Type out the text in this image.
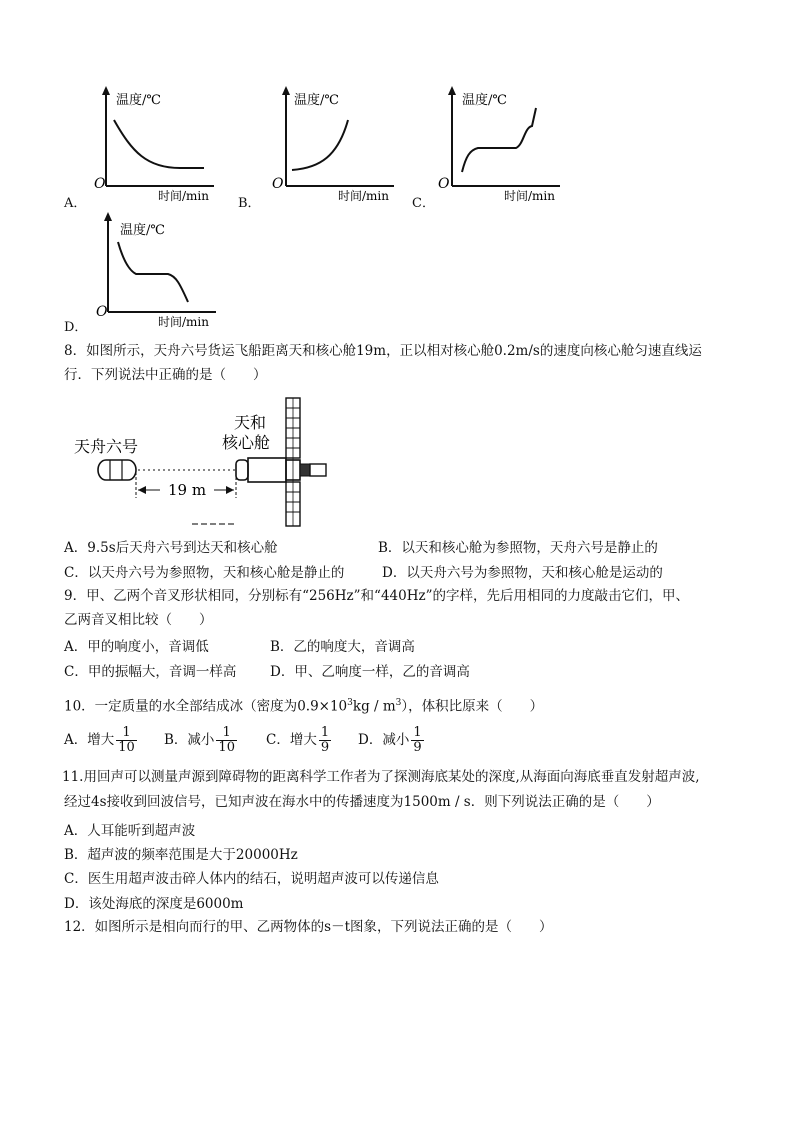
A．
温度/℃
O
时间/min B．
温度/℃
O
时间/min C．
温度/℃
O
时间/min
D．
温度/℃
O
时间/min
8．如图所示，天舟六号货运飞船距离天和核心舱19m，正以相对核心舱0.2m/s的速度向核心舱匀速直线运
行．下列说法中正确的是（　　）
天舟六号
天和
核心舱
19 m
A．9.5s后天舟六号到达天和核心舱	B．以天和核心舱为参照物，天舟六号是静止的
C．以天舟六号为参照物，天和核心舱是静止的	D．以天舟六号为参照物，天和核心舱是运动的
9．甲、乙两个音叉形状相同，分别标有“256Hz”和“440Hz”的字样，先后用相同的力度敲击它们，甲、
乙两音叉相比较（　　）
A．甲的响度小，音调低	B．乙的响度大，音调高
C．甲的振幅大，音调一样高 D．甲、乙响度一样，乙的音调高
10．一定质量的水全部结成冰（密度为$0.9\times 10^3kg / m^3$），体积比原来（　　）
A．增大 $\frac{1}{10}$ B．减小 $\frac{1}{10}$ C．增大 $\frac{1}{9}$ D．减小 $\frac{1}{9}$
11.用回声可以测量声源到障碍物的距离科学工作者为了探测海底某处的深度,从海面向海底垂直发射超声波,
经过4s接收到回波信号，已知声波在海水中的传播速度为1500m / s．则下列说法正确的是（　　）
A．人耳能听到超声波
B．超声波的频率范围是大于20000Hz
C．医生用超声波击碎人体内的结石，说明超声波可以传递信息
D．该处海底的深度是6000m
12．如图所示是相向而行的甲、乙两物体的s－t图象，下列说法正确的是（　　）
